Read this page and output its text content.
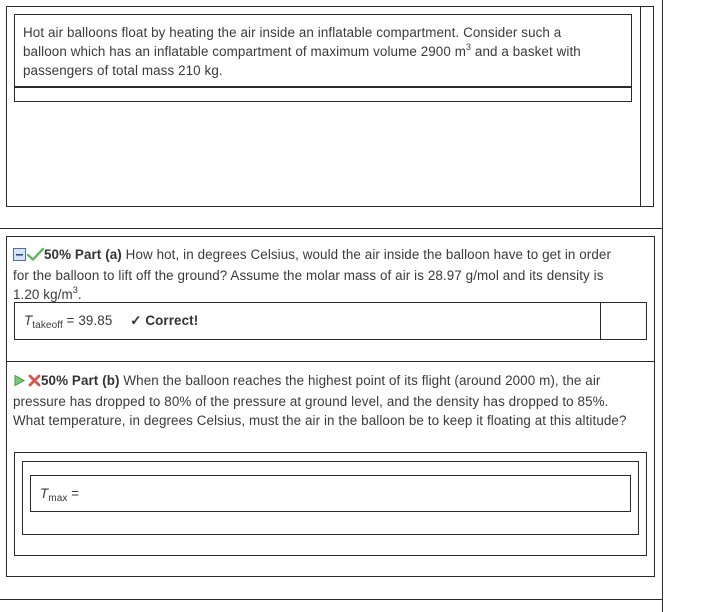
Hot air balloons float by heating the air inside an inflatable compartment. Consider such a
balloon which has an inflatable compartment of maximum volume 2900 $m^3$ and a basket with
passengers of total mass 210 kg.
50% Part (a) How hot, in degrees Celsius, would the air inside the balloon have to get in order
for the balloon to lift off the ground? Assume the molar mass of air is 28.97 g/mol and its density is
1.20 $kg/m^3$.
$T_{takeoff} = 39.85$ ✓ Correct!
50% Part (b) When the balloon reaches the highest point of its flight (around 2000 m), the air
pressure has dropped to 80% of the pressure at ground level, and the density has dropped to 85%.
What temperature, in degrees Celsius, must the air in the balloon be to keep it floating at this altitude?
$T_{max}$ =
